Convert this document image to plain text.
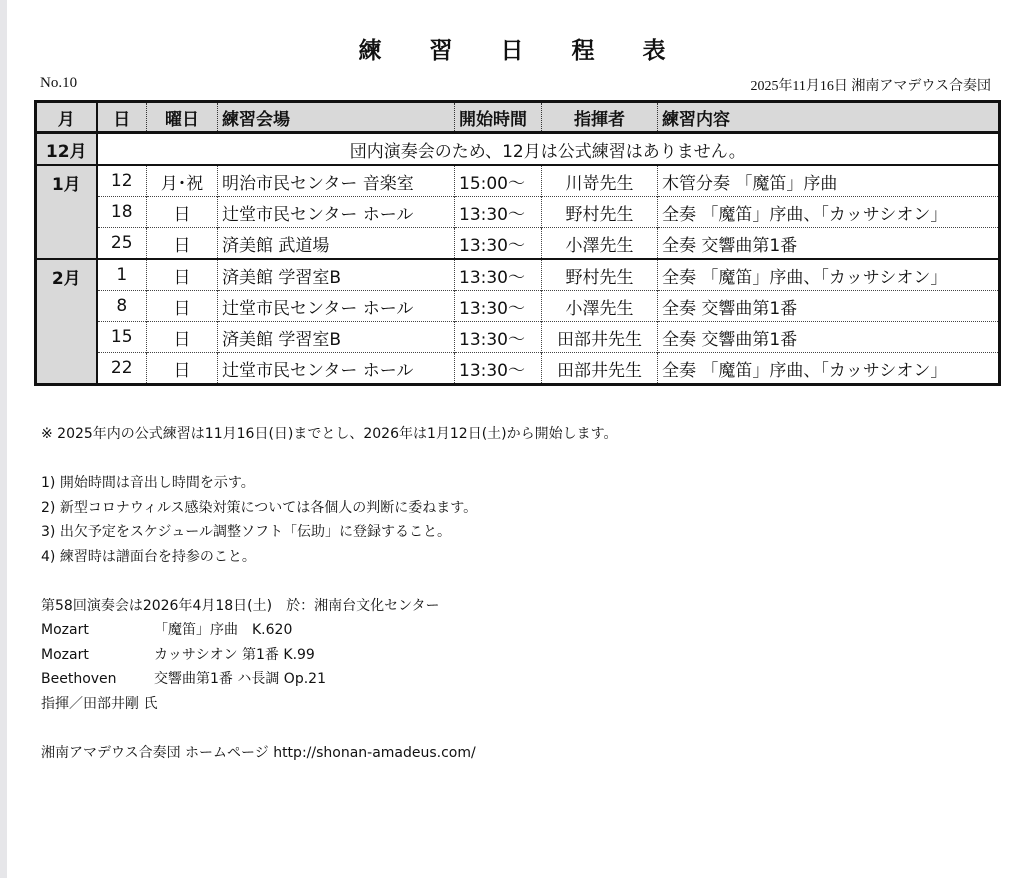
練 習 日 程 表
No.10	2025年11月16日 湘南アマデウス合奏団
月	日	曜日	練習会場	開始時間	指揮者	練習内容
12月	団内演奏会のため、12月は公式練習はありません。					
1月	12	月･祝	明治市民センター 音楽室	15:00〜	川嵜先生	木管分奏 「魔笛」序曲
	18	日	辻堂市民センター ホール	13:30〜	野村先生	全奏 「魔笛」序曲、「カッサシオン」
	25	日	済美館 武道場	13:30〜	小澤先生	全奏 交響曲第1番
2月	1	日	済美館 学習室B	13:30〜	野村先生	全奏 「魔笛」序曲、「カッサシオン」
	8	日	辻堂市民センター ホール	13:30〜	小澤先生	全奏 交響曲第1番
	15	日	済美館 学習室B	13:30〜	田部井先生	全奏 交響曲第1番
	22	日	辻堂市民センター ホール	13:30〜	田部井先生	全奏 「魔笛」序曲、「カッサシオン」
※ 2025年内の公式練習は11月16日(日)までとし、2026年は1月12日(土)から開始します。
1) 開始時間は音出し時間を示す。
2) 新型コロナウィルス感染対策については各個人の判断に委ねます。
3) 出欠予定をスケジュール調整ソフト「伝助」に登録すること。
4) 練習時は譜面台を持参のこと。
第58回演奏会は2026年4月18日(土)　於：湘南台文化センター
Mozart	「魔笛」序曲　K.620
Mozart	カッサシオン 第1番 K.99
Beethoven	交響曲第1番 ハ長調 Op.21
指揮／田部井剛 氏
湘南アマデウス合奏団 ホームページ http://shonan-amadeus.com/
